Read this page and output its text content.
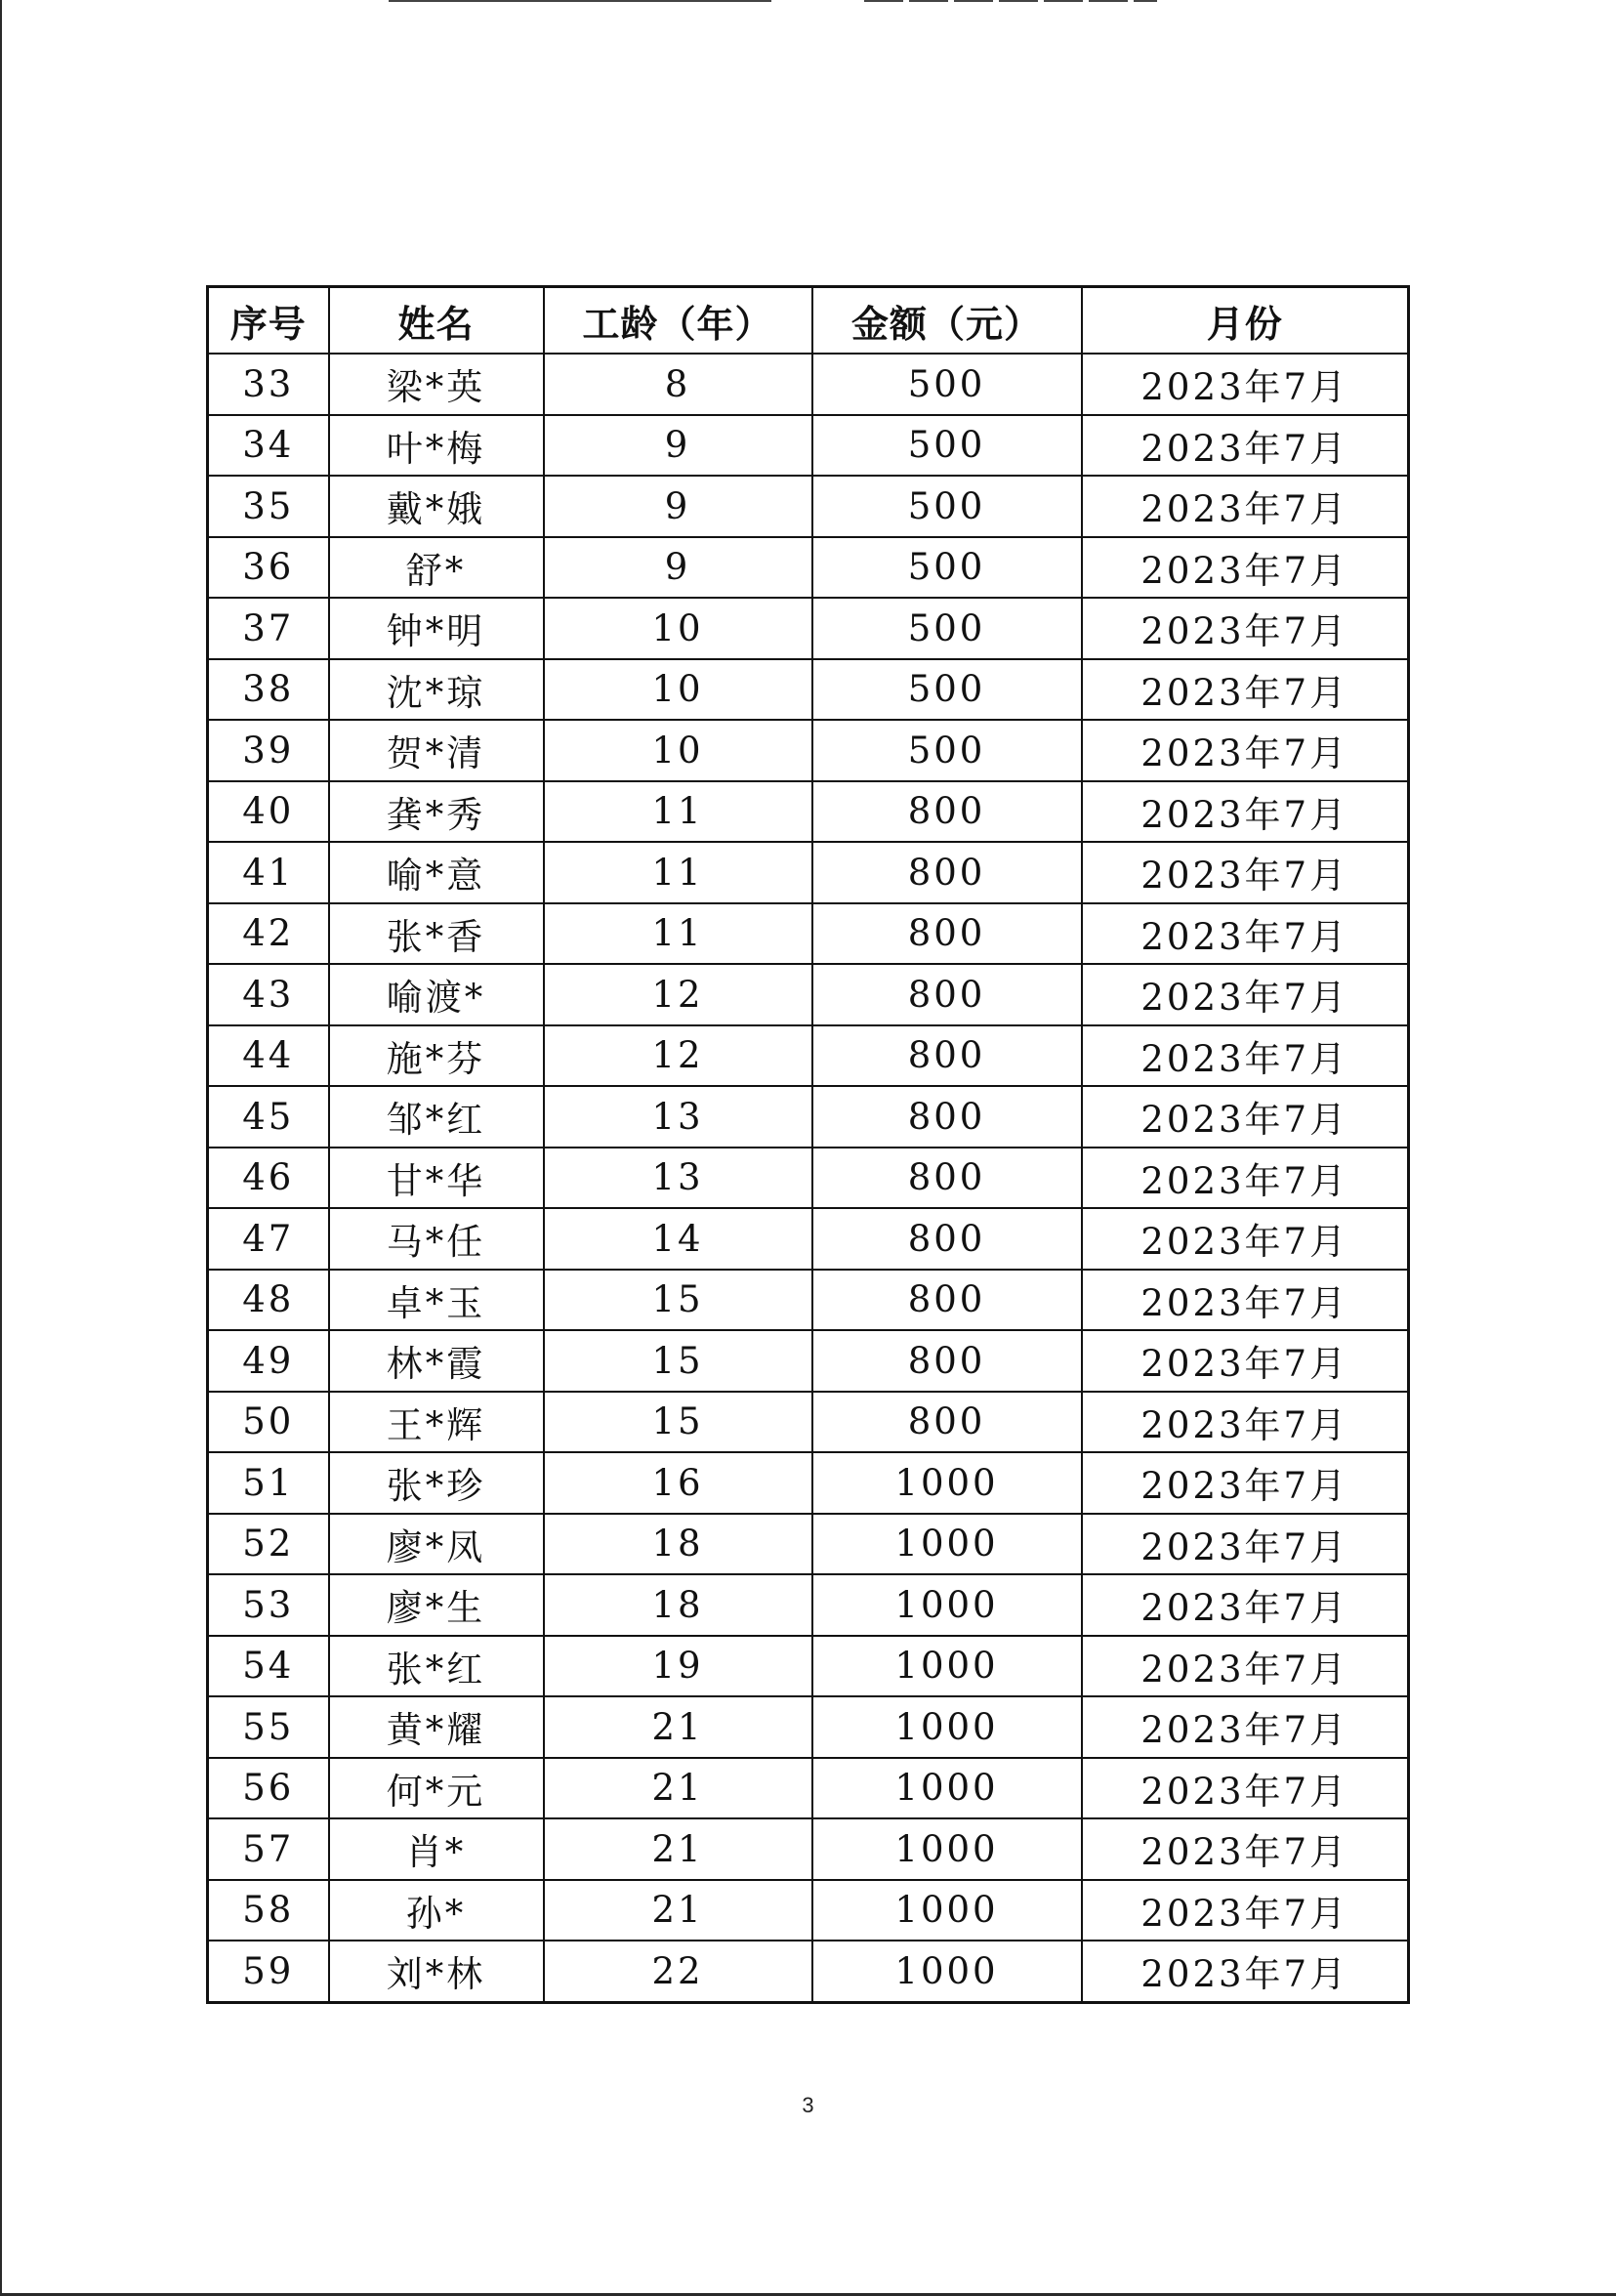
序号	姓名	工龄（年）	金额（元）	月份
33	梁*英	8	500	2023年7月
34	叶*梅	9	500	2023年7月
35	戴*娥	9	500	2023年7月
36	舒*	9	500	2023年7月
37	钟*明	10	500	2023年7月
38	沈*琼	10	500	2023年7月
39	贺*清	10	500	2023年7月
40	龚*秀	11	800	2023年7月
41	喻*意	11	800	2023年7月
42	张*香	11	800	2023年7月
43	喻渡*	12	800	2023年7月
44	施*芬	12	800	2023年7月
45	邹*红	13	800	2023年7月
46	甘*华	13	800	2023年7月
47	马*任	14	800	2023年7月
48	卓*玉	15	800	2023年7月
49	林*霞	15	800	2023年7月
50	王*辉	15	800	2023年7月
51	张*珍	16	1000	2023年7月
52	廖*凤	18	1000	2023年7月
53	廖*生	18	1000	2023年7月
54	张*红	19	1000	2023年7月
55	黄*耀	21	1000	2023年7月
56	何*元	21	1000	2023年7月
57	肖*	21	1000	2023年7月
58	孙*	21	1000	2023年7月
59	刘*林	22	1000	2023年7月
3
